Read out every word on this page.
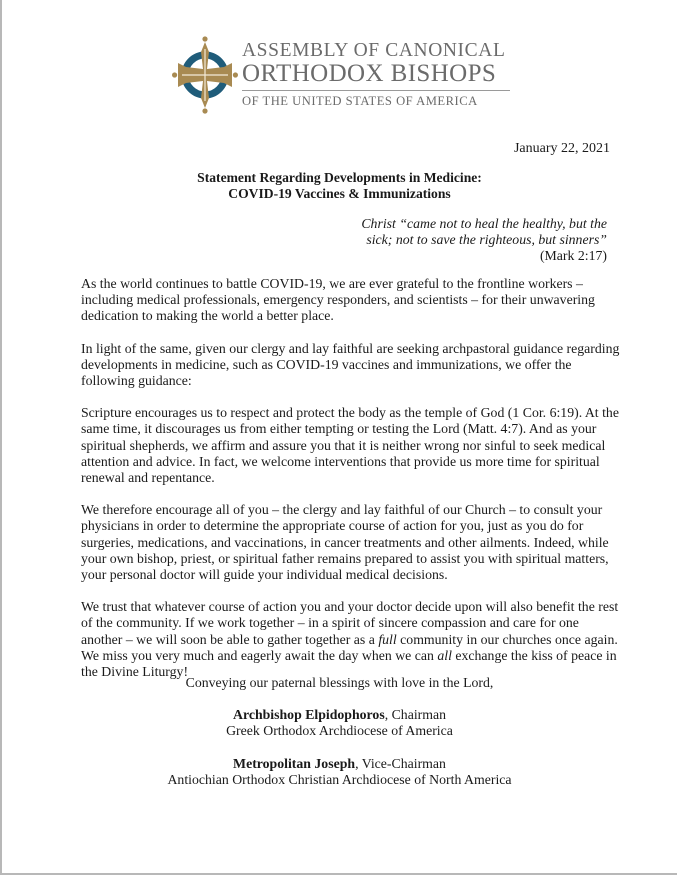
ASSEMBLY OF CANONICAL
ORTHODOX BISHOPS
OF THE UNITED STATES OF AMERICA
January 22, 2021
Statement Regarding Developments in Medicine:
COVID-19 Vaccines & Immunizations
Christ “came not to heal the healthy, but the
sick; not to save the righteous, but sinners”
(Mark 2:17)

As the world continues to battle COVID-19, we are ever grateful to the frontline workers – including medical professionals, emergency responders, and scientists – for their unwavering dedication to making the world a better place.

In light of the same, given our clergy and lay faithful are seeking archpastoral guidance regarding developments in medicine, such as COVID-19 vaccines and immunizations, we offer the following guidance:

Scripture encourages us to respect and protect the body as the temple of God (1 Cor. 6:19). At the same time, it discourages us from either tempting or testing the Lord (Matt. 4:7). And as your spiritual shepherds, we affirm and assure you that it is neither wrong nor sinful to seek medical attention and advice. In fact, we welcome interventions that provide us more time for spiritual renewal and repentance.

We therefore encourage all of you – the clergy and lay faithful of our Church – to consult your physicians in order to determine the appropriate course of action for you, just as you do for surgeries, medications, and vaccinations, in cancer treatments and other ailments. Indeed, while your own bishop, priest, or spiritual father remains prepared to assist you with spiritual matters, your personal doctor will guide your individual medical decisions.

We trust that whatever course of action you and your doctor decide upon will also benefit the rest of the community. If we work together – in a spirit of sincere compassion and care for one another – we will soon be able to gather together as a full community in our churches once again. We miss you very much and eagerly await the day when we can all exchange the kiss of peace in the Divine Liturgy!

Conveying our paternal blessings with love in the Lord,
Archbishop Elpidophoros, Chairman
Greek Orthodox Archdiocese of America
Metropolitan Joseph, Vice-Chairman
Antiochian Orthodox Christian Archdiocese of North America
